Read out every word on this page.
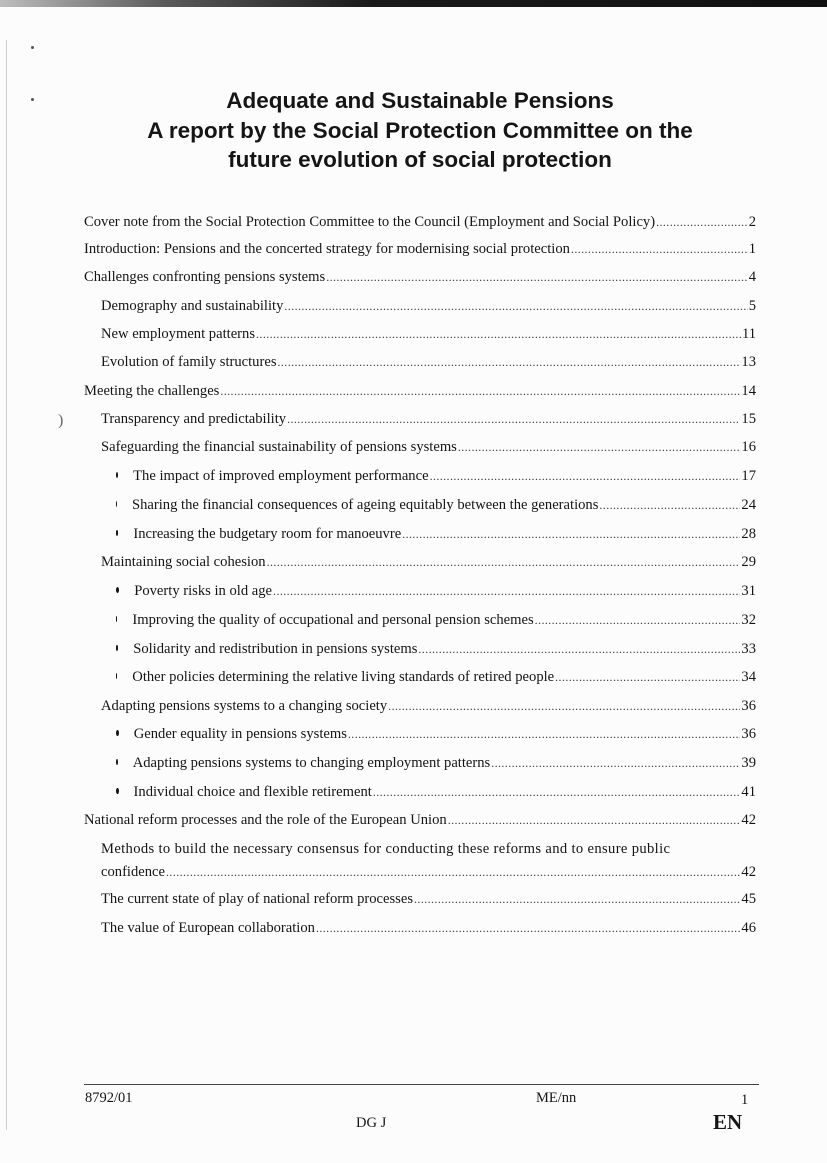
)
Adequate and Sustainable Pensions
A report by the Social Protection Committee on the
future evolution of social protection
Cover note from the Social Protection Committee to the Council (Employment and Social Policy) .....	2
Introduction: Pensions and the concerted strategy for modernising social protection .....	1
Challenges confronting pensions systems .....	4
Demography and sustainability .....	5
New employment patterns .....	11
Evolution of family structures .....	13
Meeting the challenges .....	14
Transparency and predictability .....	15
Safeguarding the financial sustainability of pensions systems .....	16
The impact of improved employment performance .....	17
Sharing the financial consequences of ageing equitably between the generations .....	24
Increasing the budgetary room for manoeuvre .....	28
Maintaining social cohesion .....	29
Poverty risks in old age .....	31
Improving the quality of occupational and personal pension schemes .....	32
Solidarity and redistribution in pensions systems .....	33
Other policies determining the relative living standards of retired people .....	34
Adapting pensions systems to a changing society .....	36
Gender equality in pensions systems .....	36
Adapting pensions systems to changing employment patterns .....	39
Individual choice and flexible retirement .....	41
National reform processes and the role of the European Union .....	42
Methods to build the necessary consensus for conducting these reforms and to ensure public
confidence .....	42
The current state of play of national reform processes .....	45
The value of European collaboration .....	46
8792/01	ME/nn	1
DG J	EN
